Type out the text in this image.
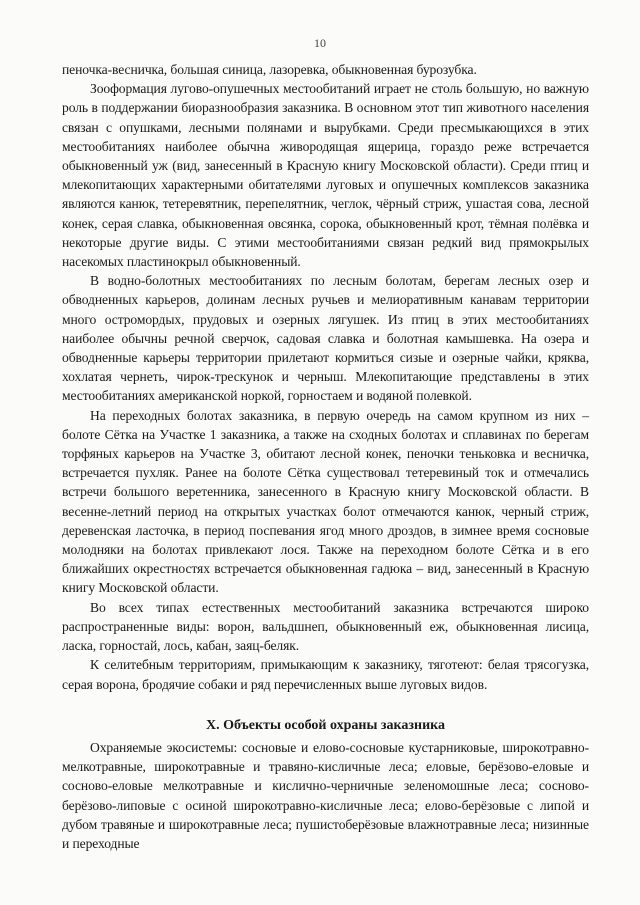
10

пеночка-весничка, большая синица, лазоревка, обыкновенная бурозубка.

Зоoформация лугово-опушечных местообитаний играет не столь большую, но важную роль в поддержании биоразнообразия заказника. В основном этот тип животного населения связан с опушками, лесными полянами и вырубками. Среди пресмыкающихся в этих местообитаниях наиболее обычна живородящая ящерица, гораздо реже встречается обыкновенный уж (вид, занесенный в Красную книгу Московской области). Среди птиц и млекопитающих характерными обитателями луговых и опушечных комплексов заказника являются канюк, тетеревятник, перепелятник, чеглок, чёрный стриж, ушастая сова, лесной конек, серая славка, обыкновенная овсянка, сорока, обыкновенный крот, тёмная полёвка и некоторые другие виды. С этими местообитаниями связан редкий вид прямокрылых насекомых пластинокрыл обыкновенный.

В водно-болотных местообитаниях по лесным болотам, берегам лесных озер и обводненных карьеров, долинам лесных ручьев и мелиоративным канавам территории много остромордых, прудовых и озерных лягушек. Из птиц в этих местообитаниях наиболее обычны речной сверчок, садовая славка и болотная камышевка. На озера и обводненные карьеры территории прилетают кормиться сизые и озерные чайки, кряква, хохлатая чернеть, чирок-трескунок и черныш. Млекопитающие представлены в этих местообитаниях американской норкой, горностаем и водяной полевкой.

На переходных болотах заказника, в первую очередь на самом крупном из них – болоте Сётка на Участке 1 заказника, а также на сходных болотах и сплавинах по берегам торфяных карьеров на Участке 3, обитают лесной конек, пеночки теньковка и весничка, встречается пухляк. Ранее на болоте Сётка существовал тетеревиный ток и отмечались встречи большого веретенника, занесенного в Красную книгу Московской области. В весенне-летний период на открытых участках болот отмечаются канюк, черный стриж, деревенская ласточка, в период поспевания ягод много дроздов, в зимнее время сосновые молодняки на болотах привлекают лося. Также на переходном болоте Сётка и в его ближайших окрестностях встречается обыкновенная гадюка – вид, занесенный в Красную книгу Московской области.

Во всех типах естественных местообитаний заказника встречаются широко распространенные виды: ворон, вальдшнеп, обыкновенный еж, обыкновенная лисица, ласка, горностай, лось, кабан, заяц-беляк.

К селитебным территориям, примыкающим к заказнику, тяготеют: белая трясогузка, серая ворона, бродячие собаки и ряд перечисленных выше луговых видов.

X. Объекты особой охраны заказника

Охраняемые экосистемы: сосновые и елово-сосновые кустарниковые, широкотравно-мелкотравные, широкотравные и травяно-кисличные леса; еловые, берёзово-еловые и сосново-еловые мелкотравные и кислично-черничные зеленомошные леса; сосново-берёзово-липовые с осиной широкотравно-кисличные леса; елово-берёзовые с липой и дубом травяные и широкотравные леса; пушистоберёзовые влажнотравные леса; низинные и переходные
